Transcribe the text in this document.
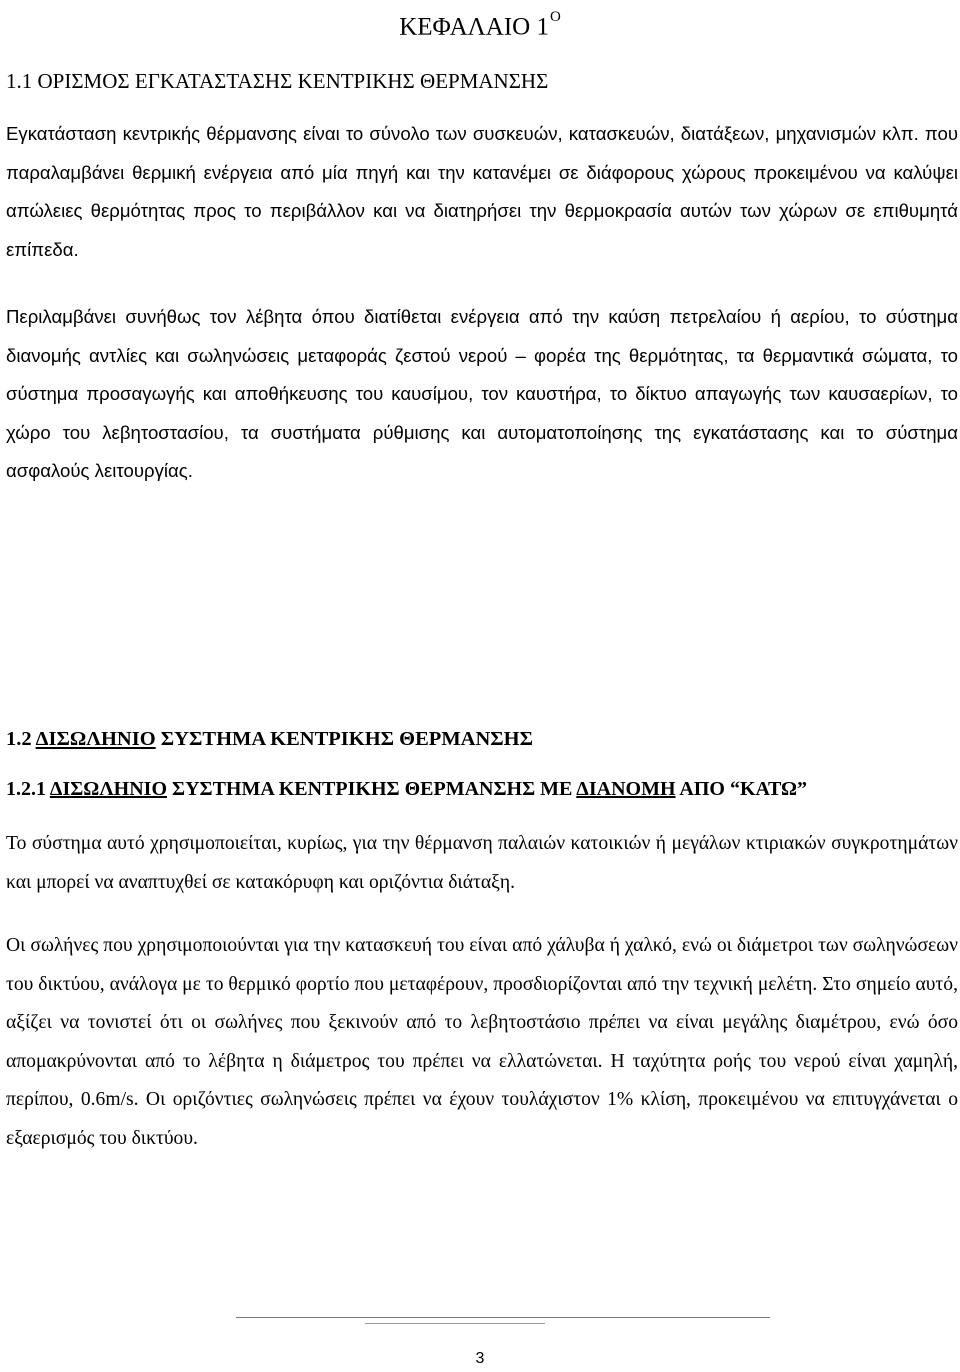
ΚΕΦΑΛΑΙΟ $1^O$
1.1 ΟΡΙΣΜΟΣ ΕΓΚΑΤΑΣΤΑΣΗΣ ΚΕΝΤΡΙΚΗΣ ΘΕΡΜΑΝΣΗΣ

Εγκατάσταση κεντρικής θέρμανσης είναι το σύνολο των συσκευών, κατασκευών, διατάξεων, μηχανισμών κλπ. που παραλαμβάνει θερμική ενέργεια από μία πηγή και την κατανέμει σε διάφορους χώρους προκειμένου να καλύψει απώλειες θερμότητας προς το περιβάλλον και να διατηρήσει την θερμοκρασία αυτών των χώρων σε επιθυμητά επίπεδα.

Περιλαμβάνει συνήθως τον λέβητα όπου διατίθεται ενέργεια από την καύση πετρελαίου ή αερίου, το σύστημα διανομής αντλίες και σωληνώσεις μεταφοράς ζεστού νερού – φορέα της θερμότητας, τα θερμαντικά σώματα, το σύστημα προσαγωγής και αποθήκευσης του καυσίμου, τον καυστήρα, το δίκτυο απαγωγής των καυσαερίων, το χώρο του λεβητοστασίου, τα συστήματα ρύθμισης και αυτοματοποίησης της εγκατάστασης και το σύστημα ασφαλούς λειτουργίας.

1.2 ΔΙΣΩΛΗΝΙΟ ΣΥΣΤΗΜΑ ΚΕΝΤΡΙΚΗΣ ΘΕΡΜΑΝΣΗΣ
1.2.1 ΔΙΣΩΛΗΝΙΟ ΣΥΣΤΗΜΑ ΚΕΝΤΡΙΚΗΣ ΘΕΡΜΑΝΣΗΣ ΜΕ ΔΙΑΝΟΜΗ ΑΠΟ “ΚΑΤΩ”

Το σύστημα αυτό χρησιμοποιείται, κυρίως, για την θέρμανση παλαιών κατοικιών ή μεγάλων κτιριακών συγκροτημάτων και μπορεί να αναπτυχθεί σε κατακόρυφη και οριζόντια διάταξη.

Οι σωλήνες που χρησιμοποιούνται για την κατασκευή του είναι από χάλυβα ή χαλκό, ενώ οι διάμετροι των σωληνώσεων του δικτύου, ανάλογα με το θερμικό φορτίο που μεταφέρουν, προσδιορίζονται από την τεχνική μελέτη. Στο σημείο αυτό, αξίζει να τονιστεί ότι οι σωλήνες που ξεκινούν από το λεβητοστάσιο πρέπει να είναι μεγάλης διαμέτρου, ενώ όσο απομακρύνονται από το λέβητα η διάμετρος του πρέπει να ελλατώνεται. Η ταχύτητα ροής του νερού είναι χαμηλή, περίπου, 0.6m/s. Οι οριζόντιες σωληνώσεις πρέπει να έχουν τουλάχιστον 1% κλίση, προκειμένου να επιτυγχάνεται ο εξαερισμός του δικτύου.

3
